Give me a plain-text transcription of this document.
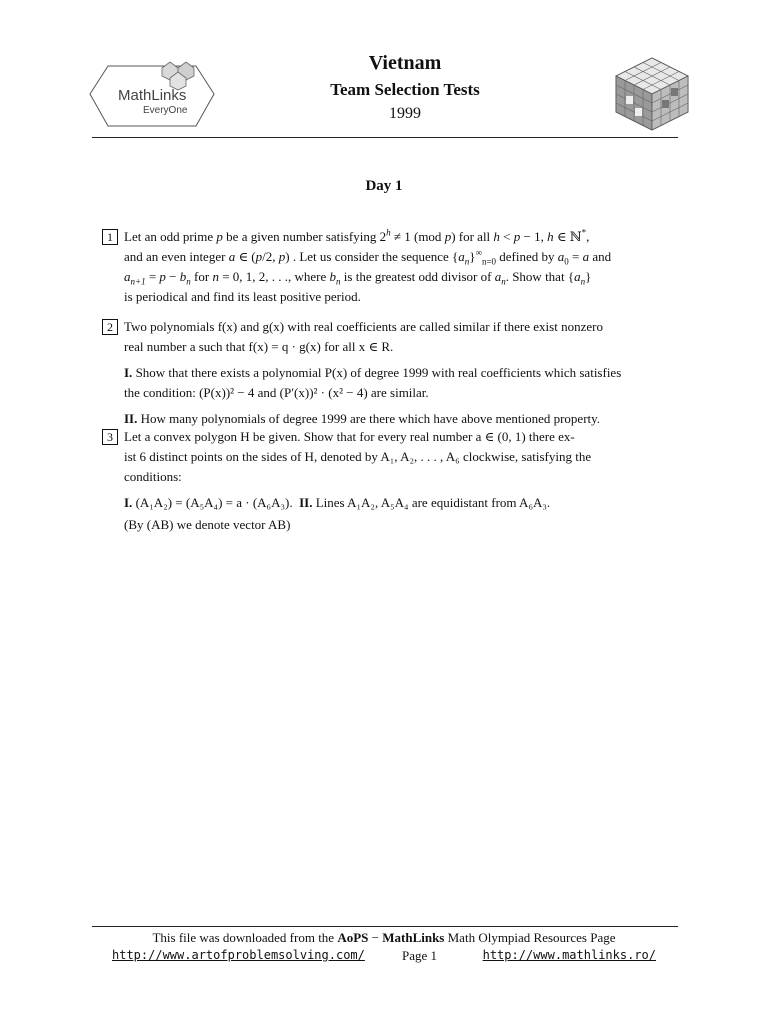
MathLinks
EveryOne
Vietnam
Team Selection Tests
1999
Day 1
1 Let an odd prime p be a given number satisfying $2^h \ne 1$ (mod p) for all h < p − 1, h ∈ ℕ*,
and an even integer a ∈ (p/2, p) . Let us consider the sequence $\{a_n\}^\infty_{n=0}$ defined by $a_0 = a$ and
$a_{n+1} = p - b_n$ for n = 0, 1, 2, . . ., where $b_n$ is the greatest odd divisor of $a_n$. Show that $\{a_n\}$
is periodical and find its least positive period.
2 Two polynomials f(x) and g(x) with real coefficients are called similar if there exist nonzero
real number a such that f(x) = q · g(x) for all x ∈ R.
I. Show that there exists a polynomial P(x) of degree 1999 with real coefficients which satisfies
the condition: (P(x))² − 4 and (P′(x))² · (x² − 4) are similar.
II. How many polynomials of degree 1999 are there which have above mentioned property.
3 Let a convex polygon H be given. Show that for every real number a ∈ (0, 1) there ex-
ist 6 distinct points on the sides of H, denoted by A₁, A₂, . . . , A₆ clockwise, satisfying the
conditions:
I. (A₁A₂) = (A₅A₄) = a · (A₆A₃). II. Lines A₁A₂, A₅A₄ are equidistant from A₆A₃.
(By (AB) we denote vector AB)
This file was downloaded from the AoPS − MathLinks Math Olympiad Resources Page
http://www.artofproblemsolving.com/	Page 1	http://www.mathlinks.ro/
